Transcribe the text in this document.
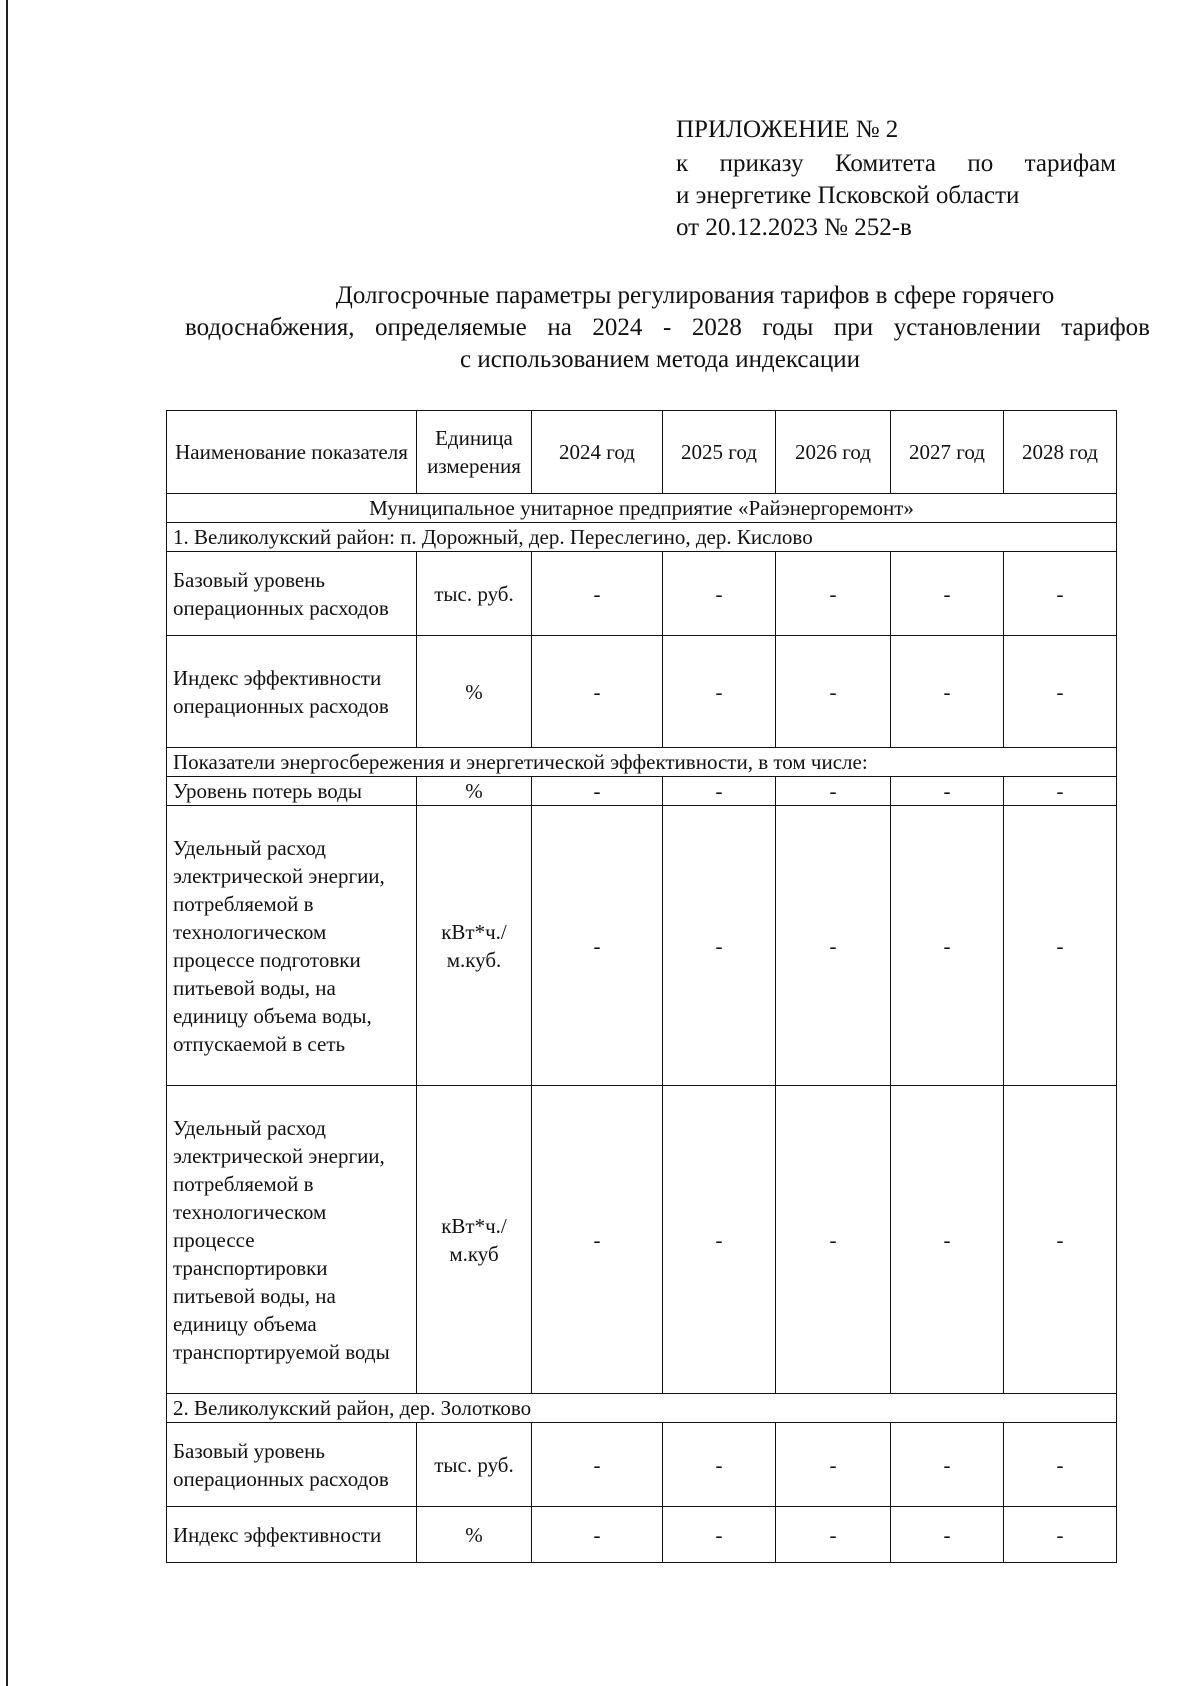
ПРИЛОЖЕНИЕ № 2
к приказу Комитета по тарифам
и энергетике Псковской области
от 20.12.2023 № 252-в
Долгосрочные параметры регулирования тарифов в сфере горячего
водоснабжения, определяемые на 2024 - 2028 годы при установлении тарифов
с использованием метода индексации
Наименование показателя	Единица измерения	2024 год	2025 год	2026 год	2027 год	2028 год
Муниципальное унитарное предприятие «Райэнергоремонт»						
1. Великолукский район: п. Дорожный, дер. Переслегино, дер. Кислово						
Базовый уровень операционных расходов	тыс. руб.	-	-	-	-	-
Индекс эффективности операционных расходов	%	-	-	-	-	-
Показатели энергосбережения и энергетической эффективности, в том числе:						
Уровень потерь воды	%	-	-	-	-	-
Удельный расход электрической энергии, потребляемой в технологическом процессе подготовки питьевой воды, на единицу объема воды, отпускаемой в сеть	кВт*ч./м.куб.	-	-	-	-	-
Удельный расход электрической энергии, потребляемой в технологическом процессе транспортировки питьевой воды, на единицу объема транспортируемой воды	кВт*ч./м.куб	-	-	-	-	-
2. Великолукский район, дер. Золотково						
Базовый уровень операционных расходов	тыс. руб.	-	-	-	-	-
Индекс эффективности	%	-	-	-	-	-
